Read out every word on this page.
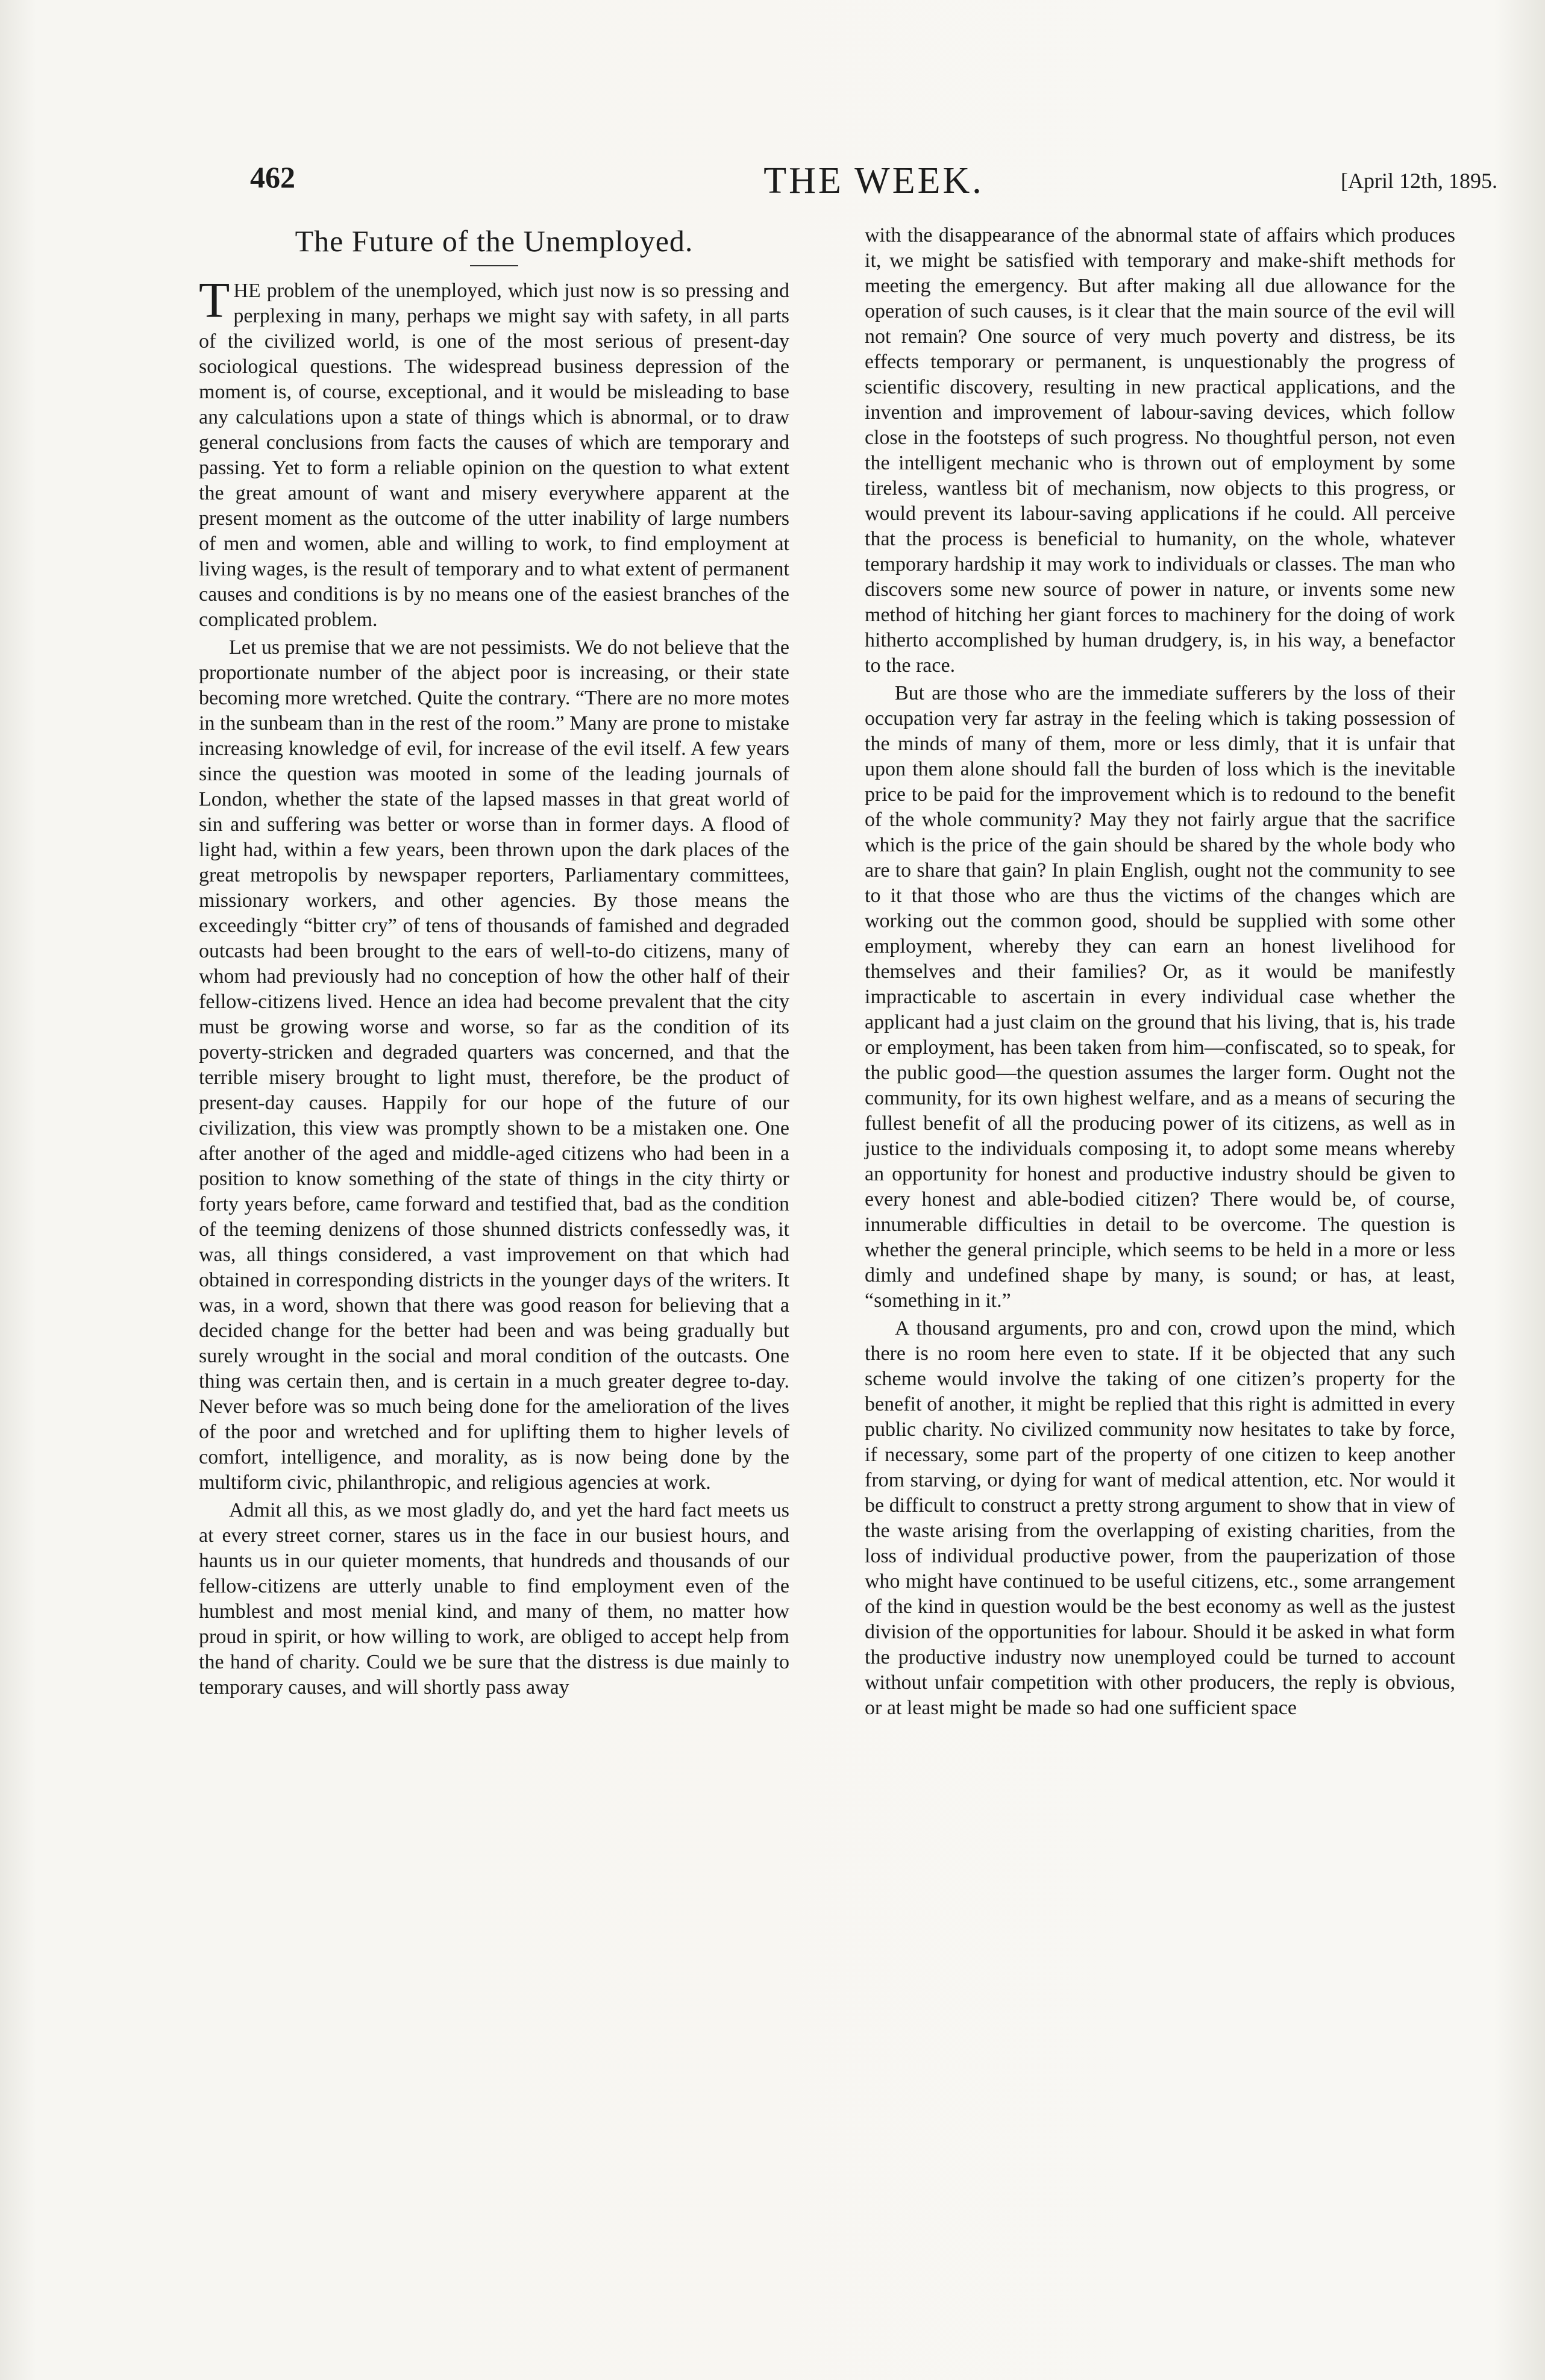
462	THE WEEK.	[April 12th, 1895.
The Future of the Unemployed.

THE problem of the unemployed, which just now is so pressing and perplexing in many, perhaps we might say with safety, in all parts of the civilized world, is one of the most serious of present-day sociological questions. The widespread business depression of the moment is, of course, exceptional, and it would be misleading to base any calculations upon a state of things which is abnormal, or to draw general conclusions from facts the causes of which are temporary and passing. Yet to form a reliable opinion on the question to what extent the great amount of want and misery everywhere apparent at the present moment as the outcome of the utter inability of large numbers of men and women, able and willing to work, to find employment at living wages, is the result of temporary and to what extent of permanent causes and conditions is by no means one of the easiest branches of the complicated problem.

Let us premise that we are not pessimists. We do not believe that the proportionate number of the abject poor is increasing, or their state becoming more wretched. Quite the contrary. “There are no more motes in the sunbeam than in the rest of the room.” Many are prone to mistake increasing knowledge of evil, for increase of the evil itself. A few years since the question was mooted in some of the leading journals of London, whether the state of the lapsed masses in that great world of sin and suffering was better or worse than in former days. A flood of light had, within a few years, been thrown upon the dark places of the great metropolis by newspaper reporters, Parliamentary committees, missionary workers, and other agencies. By those means the exceedingly “bitter cry” of tens of thousands of famished and degraded outcasts had been brought to the ears of well-to-do citizens, many of whom had previously had no conception of how the other half of their fellow-citizens lived. Hence an idea had become prevalent that the city must be growing worse and worse, so far as the condition of its poverty-stricken and degraded quarters was concerned, and that the terrible misery brought to light must, therefore, be the product of present-day causes. Happily for our hope of the future of our civilization, this view was promptly shown to be a mistaken one. One after another of the aged and middle-aged citizens who had been in a position to know something of the state of things in the city thirty or forty years before, came forward and testified that, bad as the condition of the teeming denizens of those shunned districts confessedly was, it was, all things considered, a vast improvement on that which had obtained in corresponding districts in the younger days of the writers. It was, in a word, shown that there was good reason for believing that a decided change for the better had been and was being gradually but surely wrought in the social and moral condition of the outcasts. One thing was certain then, and is certain in a much greater degree to-day. Never before was so much being done for the amelioration of the lives of the poor and wretched and for uplifting them to higher levels of comfort, intelligence, and morality, as is now being done by the multiform civic, philanthropic, and religious agencies at work.

Admit all this, as we most gladly do, and yet the hard fact meets us at every street corner, stares us in the face in our busiest hours, and haunts us in our quieter moments, that hundreds and thousands of our fellow-citizens are utterly unable to find employment even of the humblest and most menial kind, and many of them, no matter how proud in spirit, or how willing to work, are obliged to accept help from the hand of charity. Could we be sure that the distress is due mainly to temporary causes, and will shortly pass away

with the disappearance of the abnormal state of affairs which produces it, we might be satisfied with temporary and make-shift methods for meeting the emergency. But after making all due allowance for the operation of such causes, is it clear that the main source of the evil will not remain? One source of very much poverty and distress, be its effects temporary or permanent, is unquestionably the progress of scientific discovery, resulting in new practical applications, and the invention and improvement of labour-saving devices, which follow close in the footsteps of such progress. No thoughtful person, not even the intelligent mechanic who is thrown out of employment by some tireless, wantless bit of mechanism, now objects to this progress, or would prevent its labour-saving applications if he could. All perceive that the process is beneficial to humanity, on the whole, whatever temporary hardship it may work to individuals or classes. The man who discovers some new source of power in nature, or invents some new method of hitching her giant forces to machinery for the doing of work hitherto accomplished by human drudgery, is, in his way, a benefactor to the race.

But are those who are the immediate sufferers by the loss of their occupation very far astray in the feeling which is taking possession of the minds of many of them, more or less dimly, that it is unfair that upon them alone should fall the burden of loss which is the inevitable price to be paid for the improvement which is to redound to the benefit of the whole community? May they not fairly argue that the sacrifice which is the price of the gain should be shared by the whole body who are to share that gain? In plain English, ought not the community to see to it that those who are thus the victims of the changes which are working out the common good, should be supplied with some other employment, whereby they can earn an honest livelihood for themselves and their families? Or, as it would be manifestly impracticable to ascertain in every individual case whether the applicant had a just claim on the ground that his living, that is, his trade or employment, has been taken from him—confiscated, so to speak, for the public good—the question assumes the larger form. Ought not the community, for its own highest welfare, and as a means of securing the fullest benefit of all the producing power of its citizens, as well as in justice to the individuals composing it, to adopt some means whereby an opportunity for honest and productive industry should be given to every honest and able-bodied citizen? There would be, of course, innumerable difficulties in detail to be overcome. The question is whether the general principle, which seems to be held in a more or less dimly and undefined shape by many, is sound; or has, at least, “something in it.”

A thousand arguments, pro and con, crowd upon the mind, which there is no room here even to state. If it be objected that any such scheme would involve the taking of one citizen’s property for the benefit of another, it might be replied that this right is admitted in every public charity. No civilized community now hesitates to take by force, if necessary, some part of the property of one citizen to keep another from starving, or dying for want of medical attention, etc. Nor would it be difficult to construct a pretty strong argument to show that in view of the waste arising from the overlapping of existing charities, from the loss of individual productive power, from the pauperization of those who might have continued to be useful citizens, etc., some arrangement of the kind in question would be the best economy as well as the justest division of the opportunities for labour. Should it be asked in what form the productive industry now unemployed could be turned to account without unfair competition with other producers, the reply is obvious, or at least might be made so had one sufficient space
